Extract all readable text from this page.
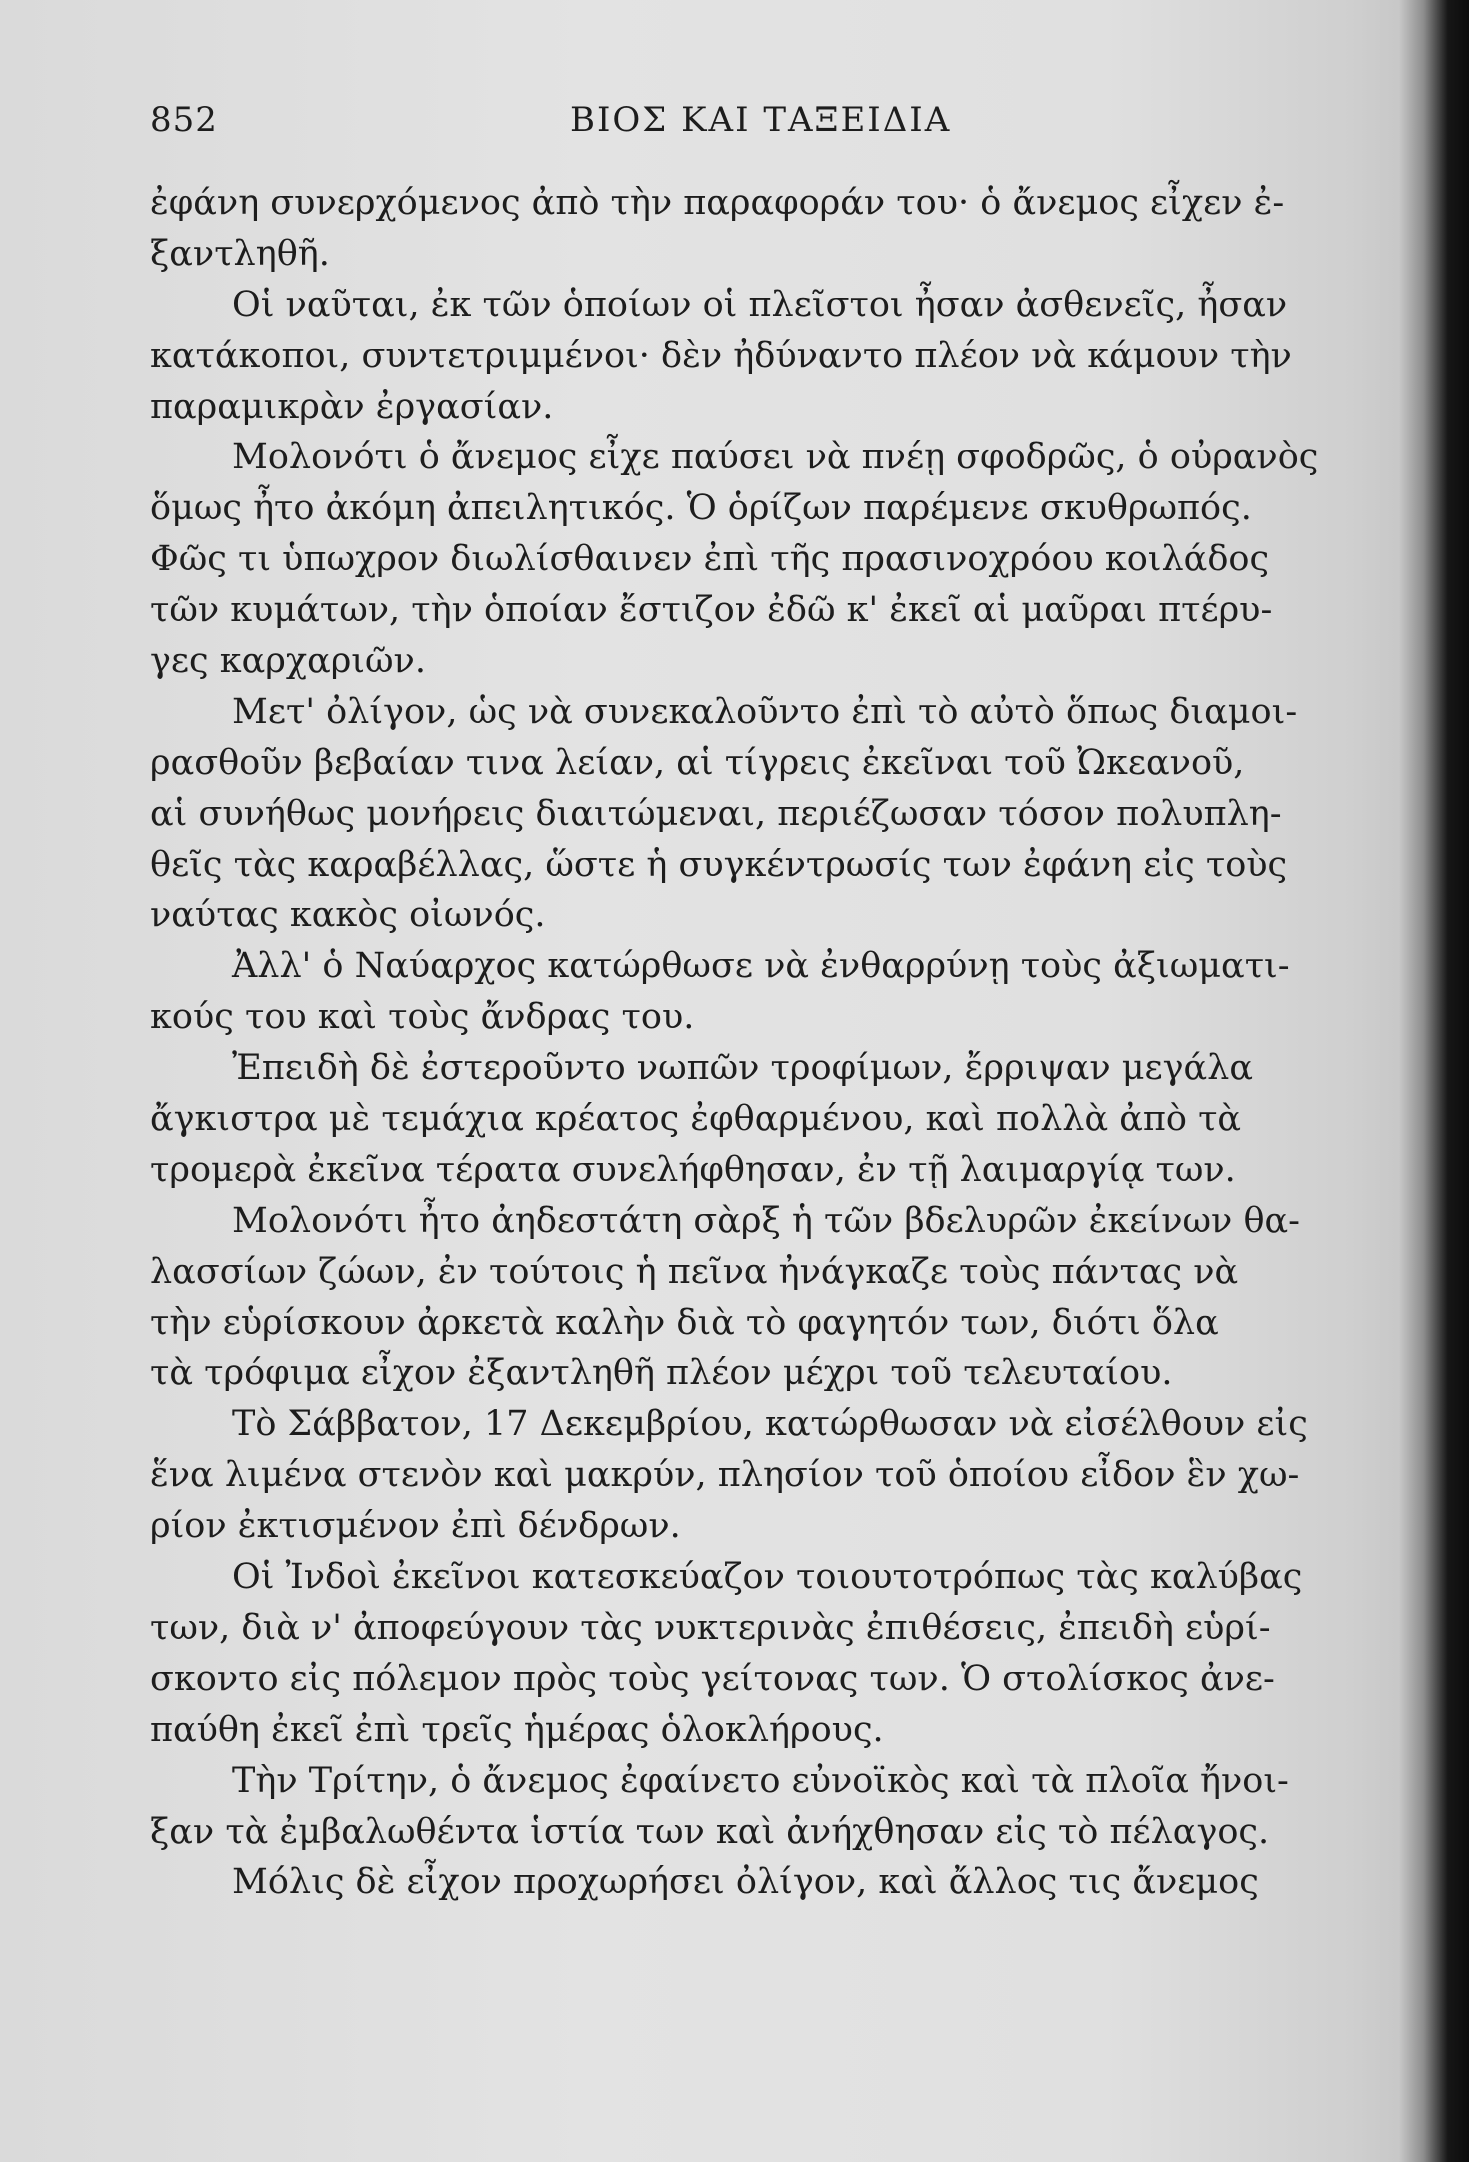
852	ΒΙΟΣ ΚΑΙ ΤΑΞΕΙΔΙΑ
ἐφάνη συνερχόμενος ἀπὸ τὴν παραφοράν του· ὁ ἄνεμος εἶχεν ἐ-
ξαντληθῆ.
Οἱ ναῦται, ἐκ τῶν ὁποίων οἱ πλεῖστοι ἦσαν ἀσθενεῖς, ἦσαν
κατάκοποι, συντετριμμένοι· δὲν ἠδύναντο πλέον νὰ κάμουν τὴν
παραμικρὰν ἐργασίαν.
Μολονότι ὁ ἄνεμος εἶχε παύσει νὰ πνέῃ σφοδρῶς, ὁ οὐρανὸς
ὅμως ἦτο ἀκόμη ἀπειλητικός. Ὁ ὁρίζων παρέμενε σκυθρωπός.
Φῶς τι ὑπωχρον διωλίσθαινεν ἐπὶ τῆς πρασινοχρόου κοιλάδος
τῶν κυμάτων, τὴν ὁποίαν ἔστιζον ἐδῶ κ' ἐκεῖ αἱ μαῦραι πτέρυ-
γες καρχαριῶν.
Μετ' ὀλίγον, ὡς νὰ συνεκαλοῦντο ἐπὶ τὸ αὐτὸ ὅπως διαμοι-
ρασθοῦν βεβαίαν τινα λείαν, αἱ τίγρεις ἐκεῖναι τοῦ Ὠκεανοῦ,
αἱ συνήθως μονήρεις διαιτώμεναι, περιέζωσαν τόσον πολυπλη-
θεῖς τὰς καραβέλλας, ὥστε ἡ συγκέντρωσίς των ἐφάνη εἰς τοὺς
ναύτας κακὸς οἰωνός.
Ἀλλ' ὁ Ναύαρχος κατώρθωσε νὰ ἐνθαρρύνῃ τοὺς ἀξιωματι-
κούς του καὶ τοὺς ἄνδρας του.
Ἐπειδὴ δὲ ἐστεροῦντο νωπῶν τροφίμων, ἔρριψαν μεγάλα
ἄγκιστρα μὲ τεμάχια κρέατος ἐφθαρμένου, καὶ πολλὰ ἀπὸ τὰ
τρομερὰ ἐκεῖνα τέρατα συνελήφθησαν, ἐν τῇ λαιμαργίᾳ των.
Μολονότι ἦτο ἀηδεστάτη σὰρξ ἡ τῶν βδελυρῶν ἐκείνων θα-
λασσίων ζώων, ἐν τούτοις ἡ πεῖνα ἠνάγκαζε τοὺς πάντας νὰ
τὴν εὑρίσκουν ἀρκετὰ καλὴν διὰ τὸ φαγητόν των, διότι ὅλα
τὰ τρόφιμα εἶχον ἐξαντληθῆ πλέον μέχρι τοῦ τελευταίου.
Τὸ Σάββατον, 17 Δεκεμβρίου, κατώρθωσαν νὰ εἰσέλθουν εἰς
ἕνα λιμένα στενὸν καὶ μακρύν, πλησίον τοῦ ὁποίου εἶδον ἓν χω-
ρίον ἐκτισμένον ἐπὶ δένδρων.
Οἱ Ἰνδοὶ ἐκεῖνοι κατεσκεύαζον τοιουτοτρόπως τὰς καλύβας
των, διὰ ν' ἀποφεύγουν τὰς νυκτερινὰς ἐπιθέσεις, ἐπειδὴ εὑρί-
σκοντο εἰς πόλεμον πρὸς τοὺς γείτονας των. Ὁ στολίσκος ἀνε-
παύθη ἐκεῖ ἐπὶ τρεῖς ἡμέρας ὁλοκλήρους.
Τὴν Τρίτην, ὁ ἄνεμος ἐφαίνετο εὐνοϊκὸς καὶ τὰ πλοῖα ἤνοι-
ξαν τὰ ἐμβαλωθέντα ἱστία των καὶ ἀνήχθησαν εἰς τὸ πέλαγος.
Μόλις δὲ εἶχον προχωρήσει ὀλίγον, καὶ ἄλλος τις ἄνεμος
